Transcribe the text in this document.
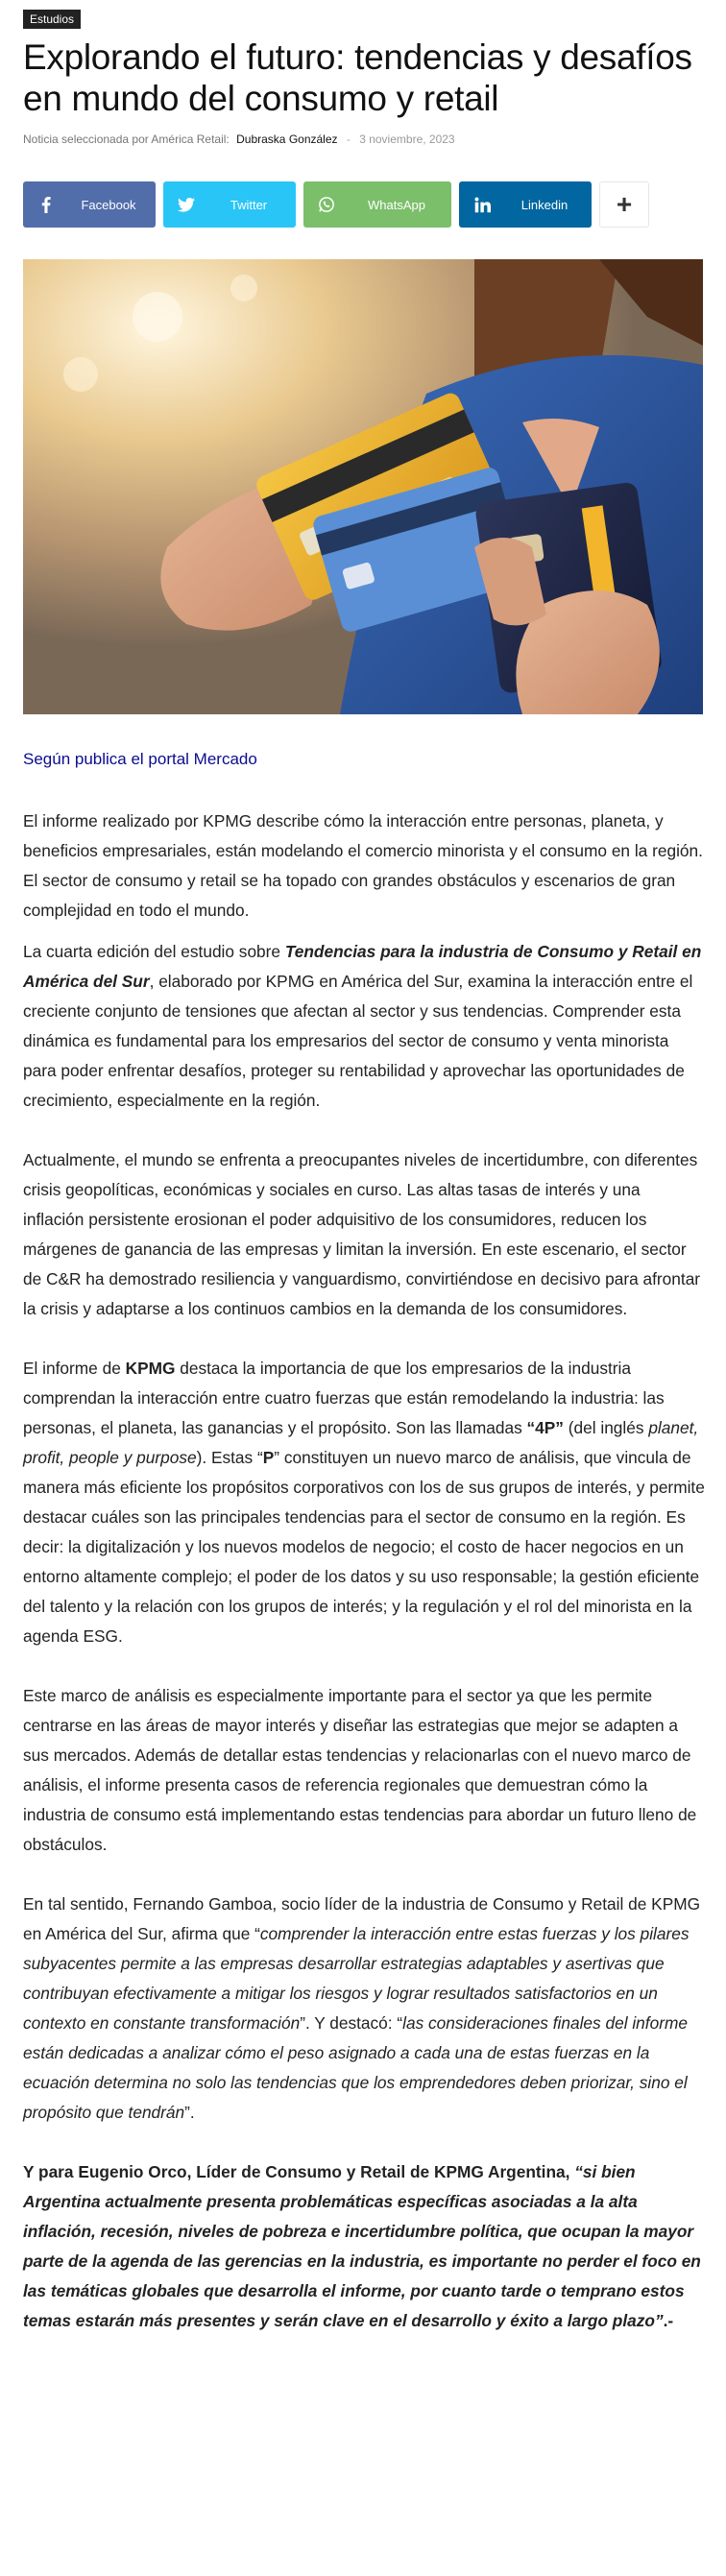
Estudios
Explorando el futuro: tendencias y desafíos en mundo del consumo y retail
Noticia seleccionada por América Retail: Dubraska González - 3 noviembre, 2023
Facebook	Twitter	WhatsApp	Linkedin	+
Según publica el portal Mercado

El informe realizado por KPMG describe cómo la interacción entre personas, planeta, y beneficios empresariales, están modelando el comercio minorista y el consumo en la región. El sector de consumo y retail se ha topado con grandes obstáculos y escenarios de gran complejidad en todo el mundo.

La cuarta edición del estudio sobre Tendencias para la industria de Consumo y Retail en América del Sur, elaborado por KPMG en América del Sur, examina la interacción entre el creciente conjunto de tensiones que afectan al sector y sus tendencias. Comprender esta dinámica es fundamental para los empresarios del sector de consumo y venta minorista para poder enfrentar desafíos, proteger su rentabilidad y aprovechar las oportunidades de crecimiento, especialmente en la región.

Actualmente, el mundo se enfrenta a preocupantes niveles de incertidumbre, con diferentes crisis geopolíticas, económicas y sociales en curso. Las altas tasas de interés y una inflación persistente erosionan el poder adquisitivo de los consumidores, reducen los márgenes de ganancia de las empresas y limitan la inversión. En este escenario, el sector de C&R ha demostrado resiliencia y vanguardismo, convirtiéndose en decisivo para afrontar la crisis y adaptarse a los continuos cambios en la demanda de los consumidores.

El informe de KPMG destaca la importancia de que los empresarios de la industria comprendan la interacción entre cuatro fuerzas que están remodelando la industria: las personas, el planeta, las ganancias y el propósito. Son las llamadas “4P” (del inglés planet, profit, people y purpose). Estas “P” constituyen un nuevo marco de análisis, que vincula de manera más eficiente los propósitos corporativos con los de sus grupos de interés, y permite destacar cuáles son las principales tendencias para el sector de consumo en la región. Es decir: la digitalización y los nuevos modelos de negocio; el costo de hacer negocios en un entorno altamente complejo; el poder de los datos y su uso responsable; la gestión eficiente del talento y la relación con los grupos de interés; y la regulación y el rol del minorista en la agenda ESG.

Este marco de análisis es especialmente importante para el sector ya que les permite centrarse en las áreas de mayor interés y diseñar las estrategias que mejor se adapten a sus mercados. Además de detallar estas tendencias y relacionarlas con el nuevo marco de análisis, el informe presenta casos de referencia regionales que demuestran cómo la industria de consumo está implementando estas tendencias para abordar un futuro lleno de obstáculos.

En tal sentido, Fernando Gamboa, socio líder de la industria de Consumo y Retail de KPMG en América del Sur, afirma que “comprender la interacción entre estas fuerzas y los pilares subyacentes permite a las empresas desarrollar estrategias adaptables y asertivas que contribuyan efectivamente a mitigar los riesgos y lograr resultados satisfactorios en un contexto en constante transformación”. Y destacó: “las consideraciones finales del informe están dedicadas a analizar cómo el peso asignado a cada una de estas fuerzas en la ecuación determina no solo las tendencias que los emprendedores deben priorizar, sino el propósito que tendrán”.

Y para Eugenio Orco, Líder de Consumo y Retail de KPMG Argentina, “si bien Argentina actualmente presenta problemáticas específicas asociadas a la alta inflación, recesión, niveles de pobreza e incertidumbre política, que ocupan la mayor parte de la agenda de las gerencias en la industria, es importante no perder el foco en las temáticas globales que desarrolla el informe, por cuanto tarde o temprano estos temas estarán más presentes y serán clave en el desarrollo y éxito a largo plazo”.-
